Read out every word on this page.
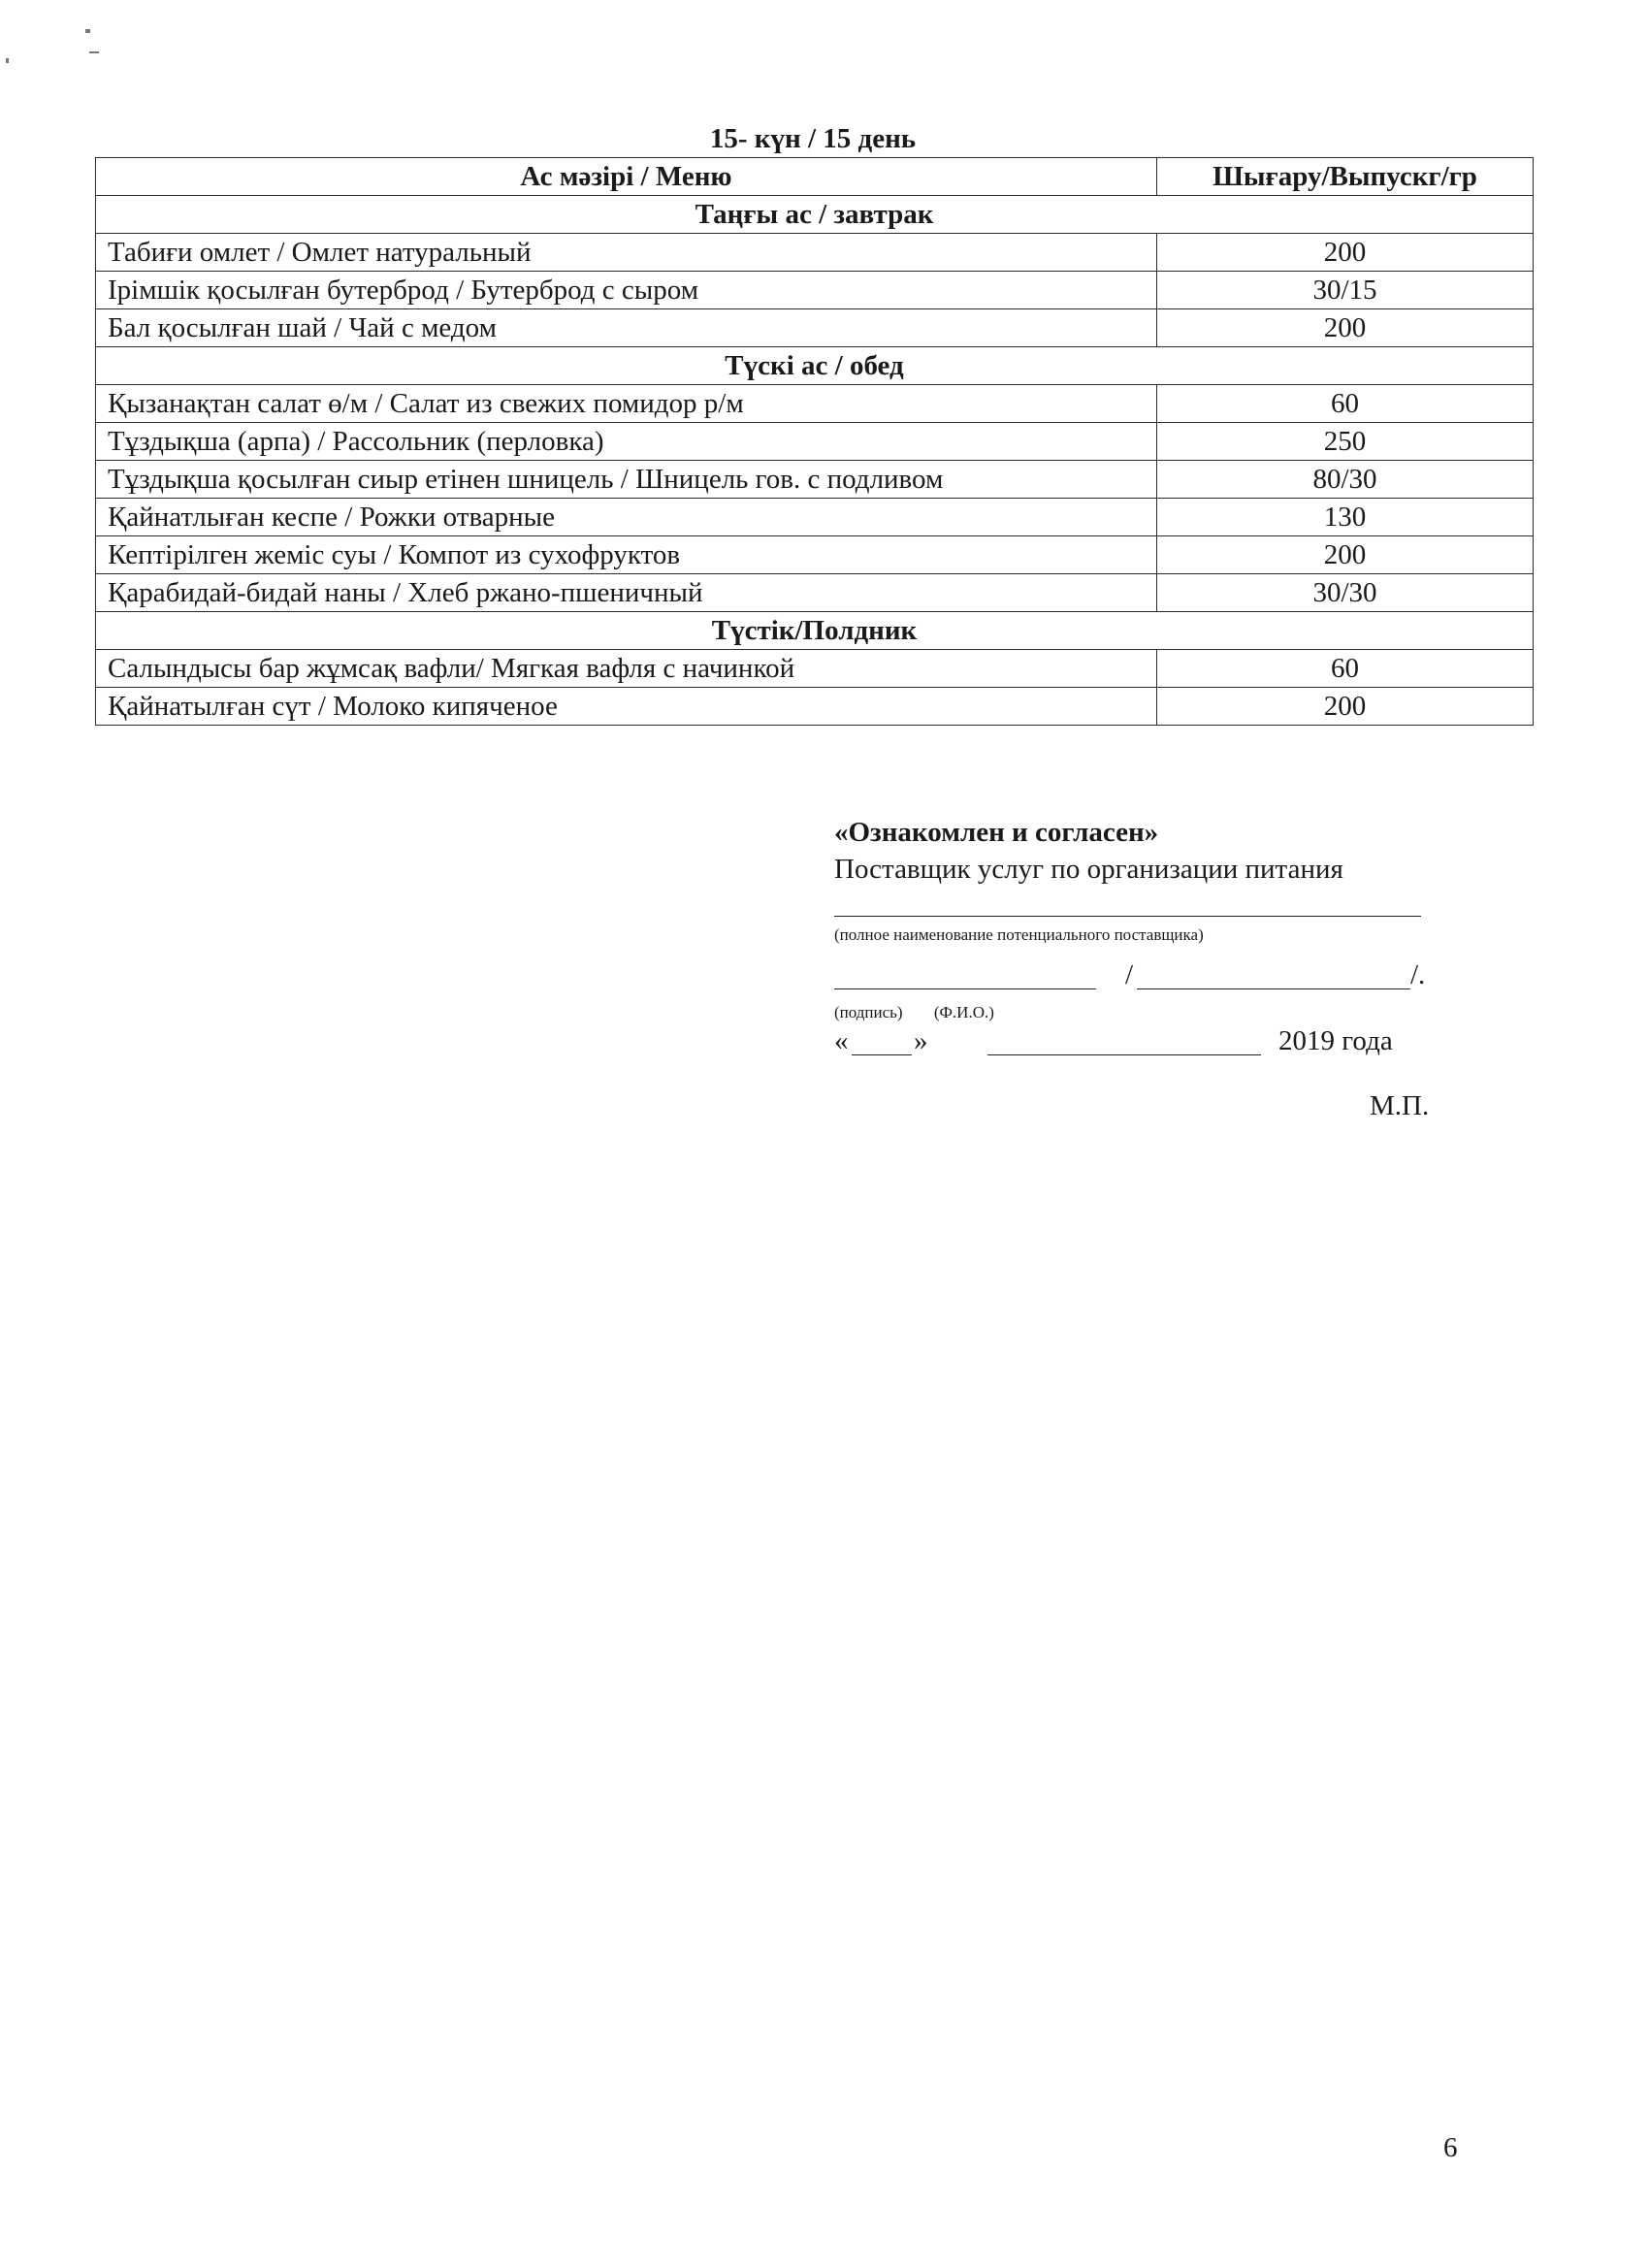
15- күн / 15 день
Ас мәзірі / Меню	Шығару/Выпускг/гр
Таңғы ас / завтрак	
Табиғи омлет / Омлет натуральный	200
Ірімшік қосылған бутерброд / Бутерброд с сыром	30/15
Бал қосылған шай / Чай с медом	200
Түскі ас / обед	
Қызанақтан салат ө/м / Салат из свежих помидор р/м	60
Тұздықша (арпа) / Рассольник (перловка)	250
Тұздықша қосылған сиыр етінен шницель / Шницель гов. с подливом	80/30
Қайнатлыған кеспе / Рожки отварные	130
Кептірілген жеміс суы / Компот из сухофруктов	200
Қарабидай-бидай наны / Хлеб ржано-пшеничный	30/30
Түстік/Полдник	
Салындысы бар жұмсақ вафли/ Мягкая вафля с начинкой	60
Қайнатылған сүт / Молоко кипяченое	200
«Ознакомлен и согласен»
Поставщик услуг по организации питания
(полное наименование потенциального поставщика)
/	/.
(подпись) (Ф.И.О.)
« »	2019 года
М.П.
6
